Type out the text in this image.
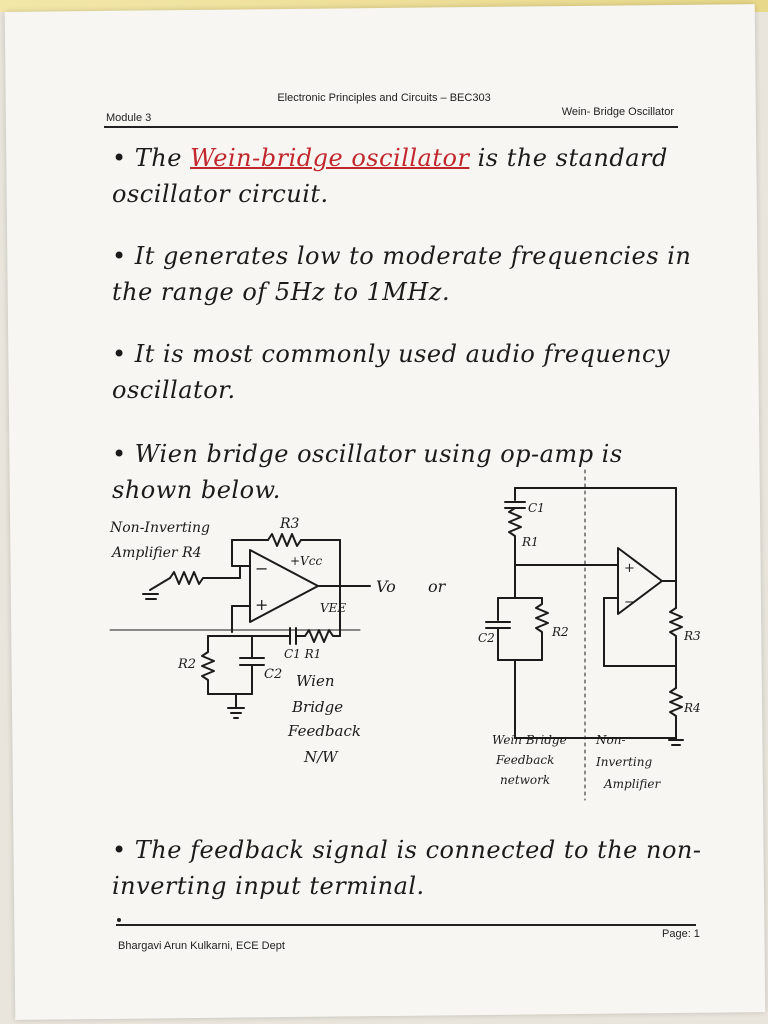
Electronic Principles and Circuits – BEC303
Module 3	Wein- Bridge Oscillator
• The Wein-bridge oscillator is the standard oscillator circuit.
• It generates low to moderate frequencies in the range of 5Hz to 1MHz.
• It is most commonly used audio frequency oscillator.
• Wien bridge oscillator using op-amp is shown below.
Non-Inverting
Amplifier R4
R3
+Vcc
−
+	VEE
Vo or
C1 R1
R2
C2 Wien
Bridge
Feedback
N/W
C1
R1
C2	R2	R3
R4
+
−
Wein Bridge
Feedback
network
Non-
Inverting
Amplifier
• The feedback signal is connected to the non-inverting input terminal.
Bhargavi Arun Kulkarni, ECE Dept
Page: 1
